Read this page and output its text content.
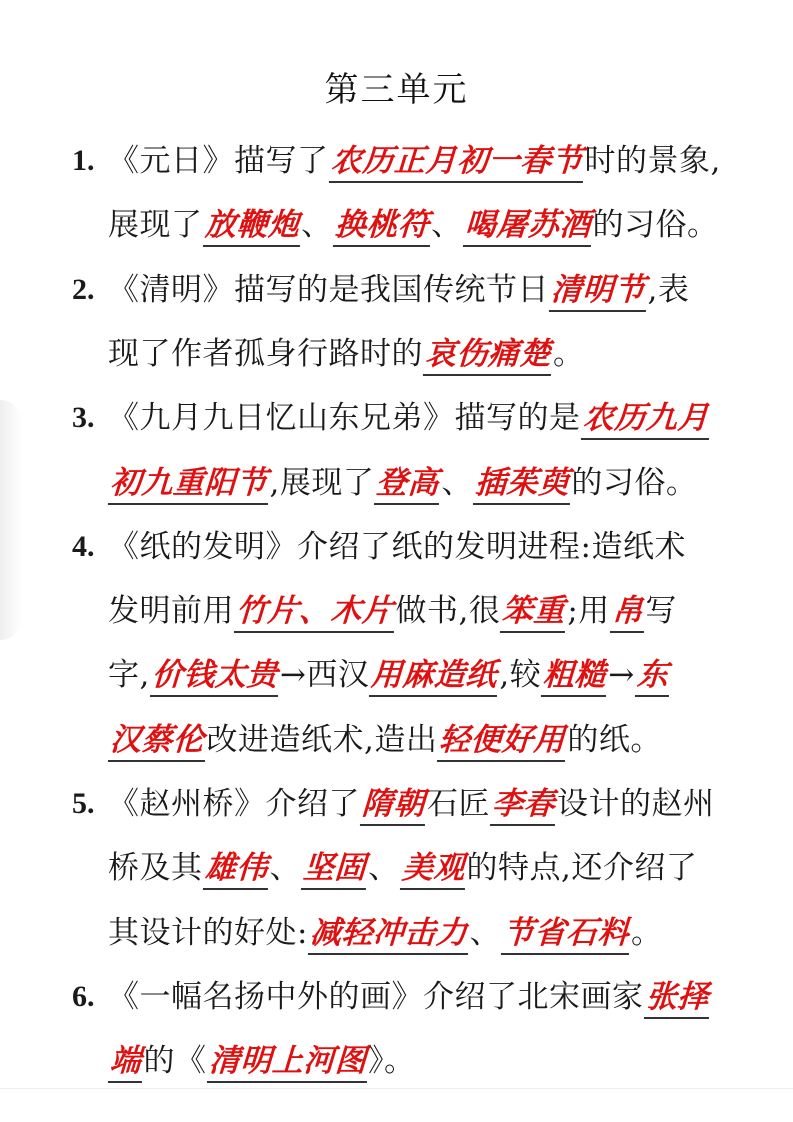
第三单元
1. 《元日》描写了农历正月初一春节时的景象,
展现了放鞭炮、换桃符、喝屠苏酒的习俗。
2. 《清明》描写的是我国传统节日清明节,表
现了作者孤身行路时的哀伤痛楚。
3. 《九月九日忆山东兄弟》描写的是农历九月
初九重阳节,展现了登高、插茱萸的习俗。
4. 《纸的发明》介绍了纸的发明进程:造纸术
发明前用竹片、木片做书,很笨重;用帛写
字,价钱太贵→西汉用麻造纸,较粗糙→东
汉蔡伦改进造纸术,造出轻便好用的纸。
5. 《赵州桥》介绍了隋朝石匠李春设计的赵州
桥及其雄伟、坚固、美观的特点,还介绍了
其设计的好处:减轻冲击力、节省石料。
6. 《一幅名扬中外的画》介绍了北宋画家张择
端的《清明上河图》。
